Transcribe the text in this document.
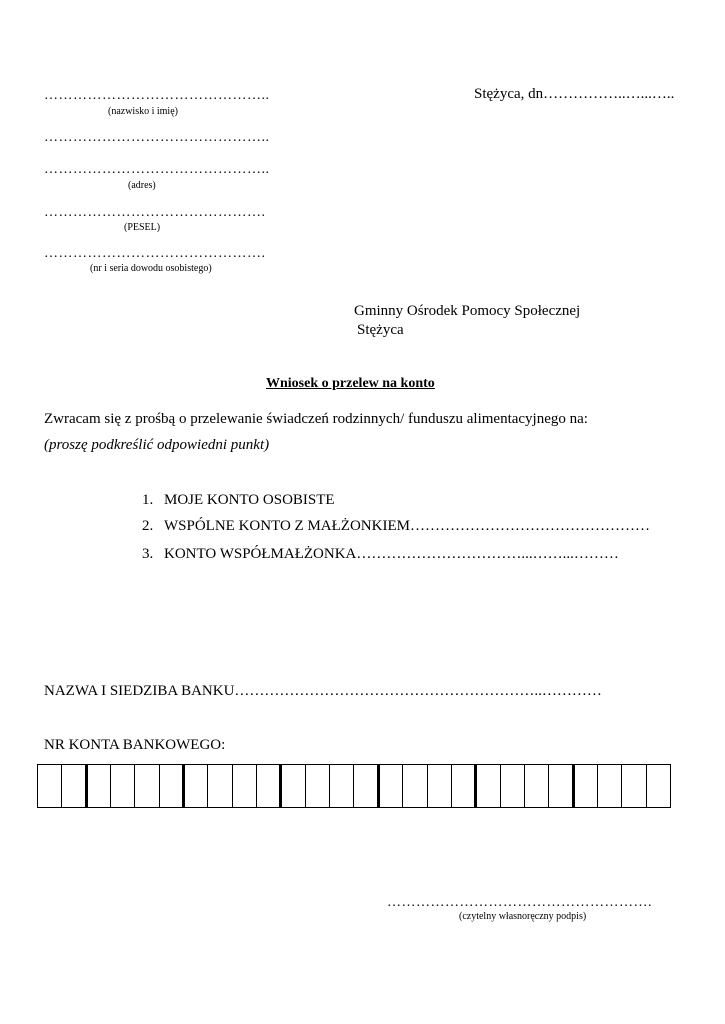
………………………………………..
(nazwisko i imię)
Stężyca, dn……………..…...…..
………………………………………..
………………………………………..
(adres)
……………………………………….
(PESEL)
……………………………………….
(nr i seria dowodu osobistego)
Gminny Ośrodek Pomocy Społecznej
Stężyca
Wniosek o przelew na konto
Zwracam się z prośbą o przelewanie świadczeń rodzinnych/ funduszu alimentacyjnego na:
(proszę podkreślić odpowiedni punkt)
1. MOJE KONTO OSOBISTE
2. WSPÓLNE KONTO Z MAŁŻONKIEM…………………………………………
3. KONTO WSPÓŁMAŁŻONKA……………………………...……...………
NAZWA I SIEDZIBA BANKU……………………………………………………..…………
NR KONTA BANKOWEGO:

……………………………………………….
(czytelny własnoręczny podpis)
